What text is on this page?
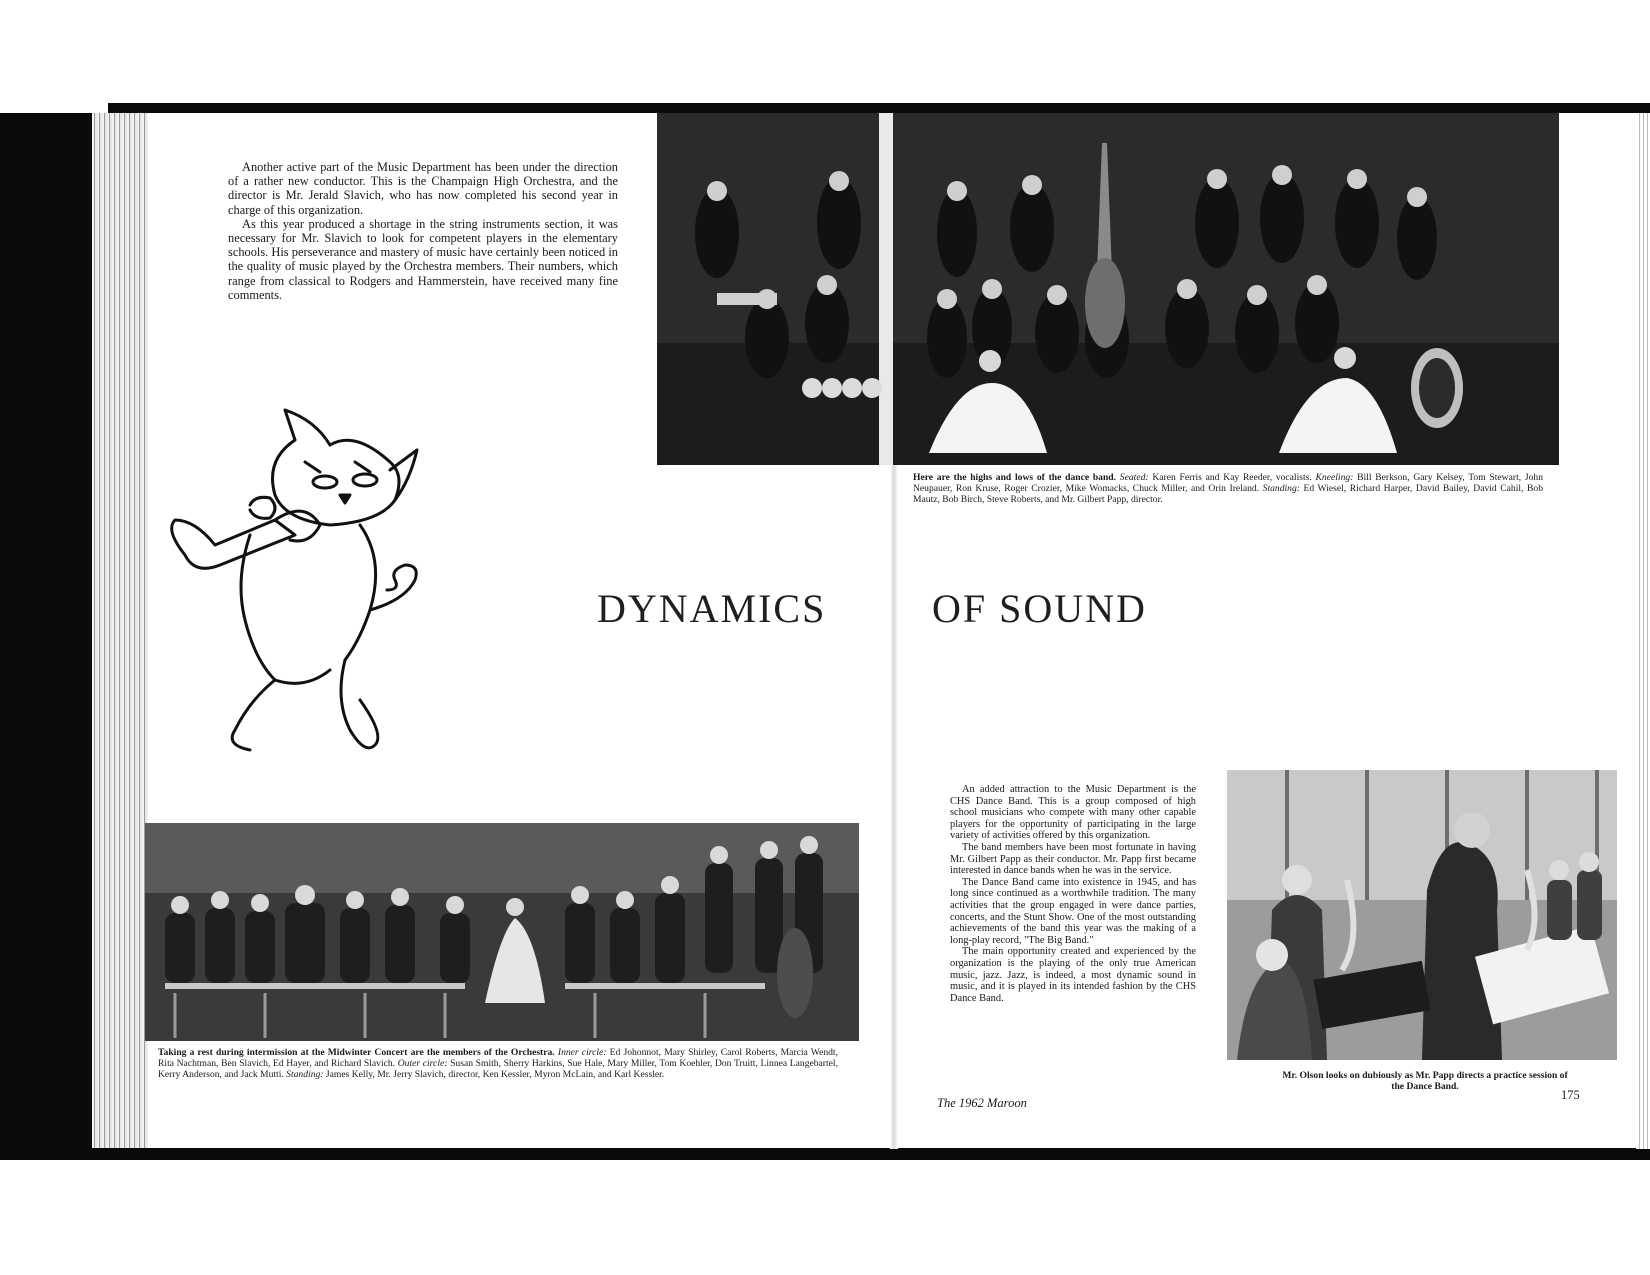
Another active part of the Music Department has been under the direction of a rather new conductor. This is the Champaign High Orchestra, and the director is Mr. Jerald Slavich, who has now completed his second year in charge of this organization.

As this year produced a shortage in the string instruments section, it was necessary for Mr. Slavich to look for competent players in the elementary schools. His perseverance and mastery of music have certainly been noticed in the quality of music played by the Orchestra members. Their numbers, which range from classical to Rodgers and Hammerstein, have received many fine comments.

Here are the highs and lows of the dance band. Seated: Karen Ferris and Kay Reeder, vocalists. Kneeling: Bill Berkson, Gary Kelsey, Tom Stewart, John Neupauer, Ron Kruse, Roger Crozier, Mike Womacks, Chuck Miller, and Orin Ireland. Standing: Ed Wiesel, Richard Harper, David Bailey, David Cahil, Bob Mautz, Bob Birch, Steve Roberts, and Mr. Gilbert Papp, director.

DYNAMICS	OF SOUND

Taking a rest during intermission at the Midwinter Concert are the members of the Orchestra. Inner circle: Ed Johonnot, Mary Shirley, Carol Roberts, Marcia Wendt, Rita Nachtman, Ben Slavich, Ed Hayer, and Richard Slavich. Outer circle: Susan Smith, Sherry Harkins, Sue Hale, Mary Miller, Tom Koehler, Don Truitt, Linnea Langebartel, Kerry Anderson, and Jack Mutti. Standing: James Kelly, Mr. Jerry Slavich, director, Ken Kessler, Myron McLain, and Karl Kessler.

An added attraction to the Music Department is the CHS Dance Band. This is a group composed of high school musicians who compete with many other capable players for the opportunity of participating in the large variety of activities offered by this organization.

The band members have been most fortunate in having Mr. Gilbert Papp as their conductor. Mr. Papp first became interested in dance bands when he was in the service.

The Dance Band came into existence in 1945, and has long since continued as a worthwhile tradition. The many activities that the group engaged in were dance parties, concerts, and the Stunt Show. One of the most outstanding achievements of the band this year was the making of a long-play record, "The Big Band."

The main opportunity created and experienced by the organization is the playing of the only true American music, jazz. Jazz, is indeed, a most dynamic sound in music, and it is played in its intended fashion by the CHS Dance Band.

Mr. Olson looks on dubiously as Mr. Papp directs a practice session of the Dance Band.

The 1962 Maroon
175
